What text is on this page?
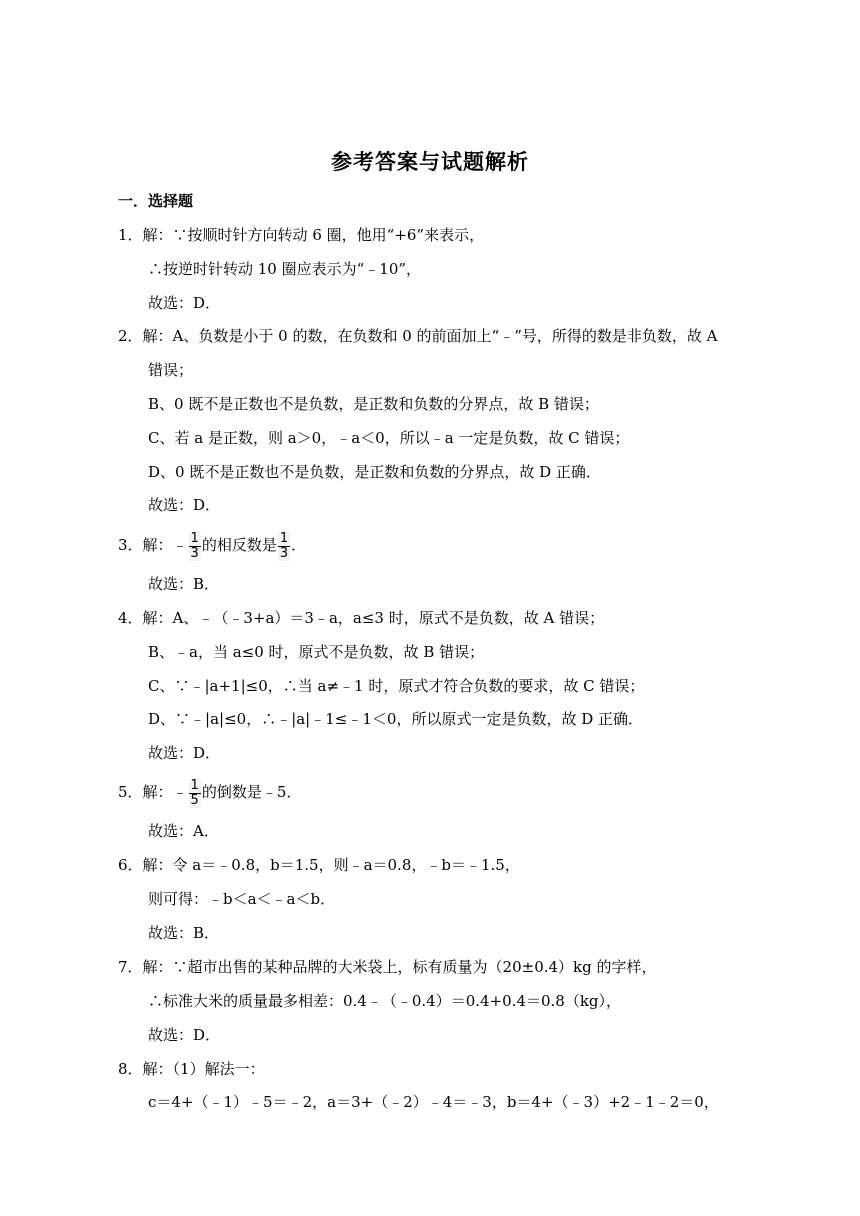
参考答案与试题解析
一．选择题
1．解：∵按顺时针方向转动 6 圈，他用“+6”来表示，
∴按逆时针转动 10 圈应表示为“﹣10”，
故选：D．
2．解：A、负数是小于 0 的数，在负数和 0 的前面加上“﹣”号，所得的数是非负数，故 A
错误；
B、0 既不是正数也不是负数，是正数和负数的分界点，故 B 错误；
C、若 a 是正数，则 a＞0，﹣a＜0，所以﹣a 一定是负数，故 C 错误；
D、0 既不是正数也不是负数，是正数和负数的分界点，故 D 正确．
故选：D．
3．解：﹣ $\frac{1}{3}$ 的相反数是 $\frac{1}{3}$ ．
故选：B．
4．解：A、﹣（﹣3+a）＝3﹣a，a≤3 时，原式不是负数，故 A 错误；
B、﹣a，当 a≤0 时，原式不是负数，故 B 错误；
C、∵﹣|a+1|≤0，∴当 a≠﹣1 时，原式才符合负数的要求，故 C 错误；
D、∵﹣|a|≤0，∴﹣|a|﹣1≤﹣1＜0，所以原式一定是负数，故 D 正确．
故选：D．
5．解：﹣ $\frac{1}{5}$ 的倒数是﹣5．
故选：A．
6．解：令 a＝﹣0.8，b＝1.5，则﹣a＝0.8，﹣b＝﹣1.5，
则可得：﹣b＜a＜﹣a＜b．
故选：B．
7．解：∵超市出售的某种品牌的大米袋上，标有质量为（20±0.4）kg 的字样，
∴标准大米的质量最多相差：0.4﹣（﹣0.4）＝0.4+0.4＝0.8（kg），
故选：D．
8．解：（1）解法一：
c＝4+（﹣1）﹣5＝﹣2，a＝3+（﹣2）﹣4＝﹣3，b＝4+（﹣3）+2﹣1﹣2＝0，
